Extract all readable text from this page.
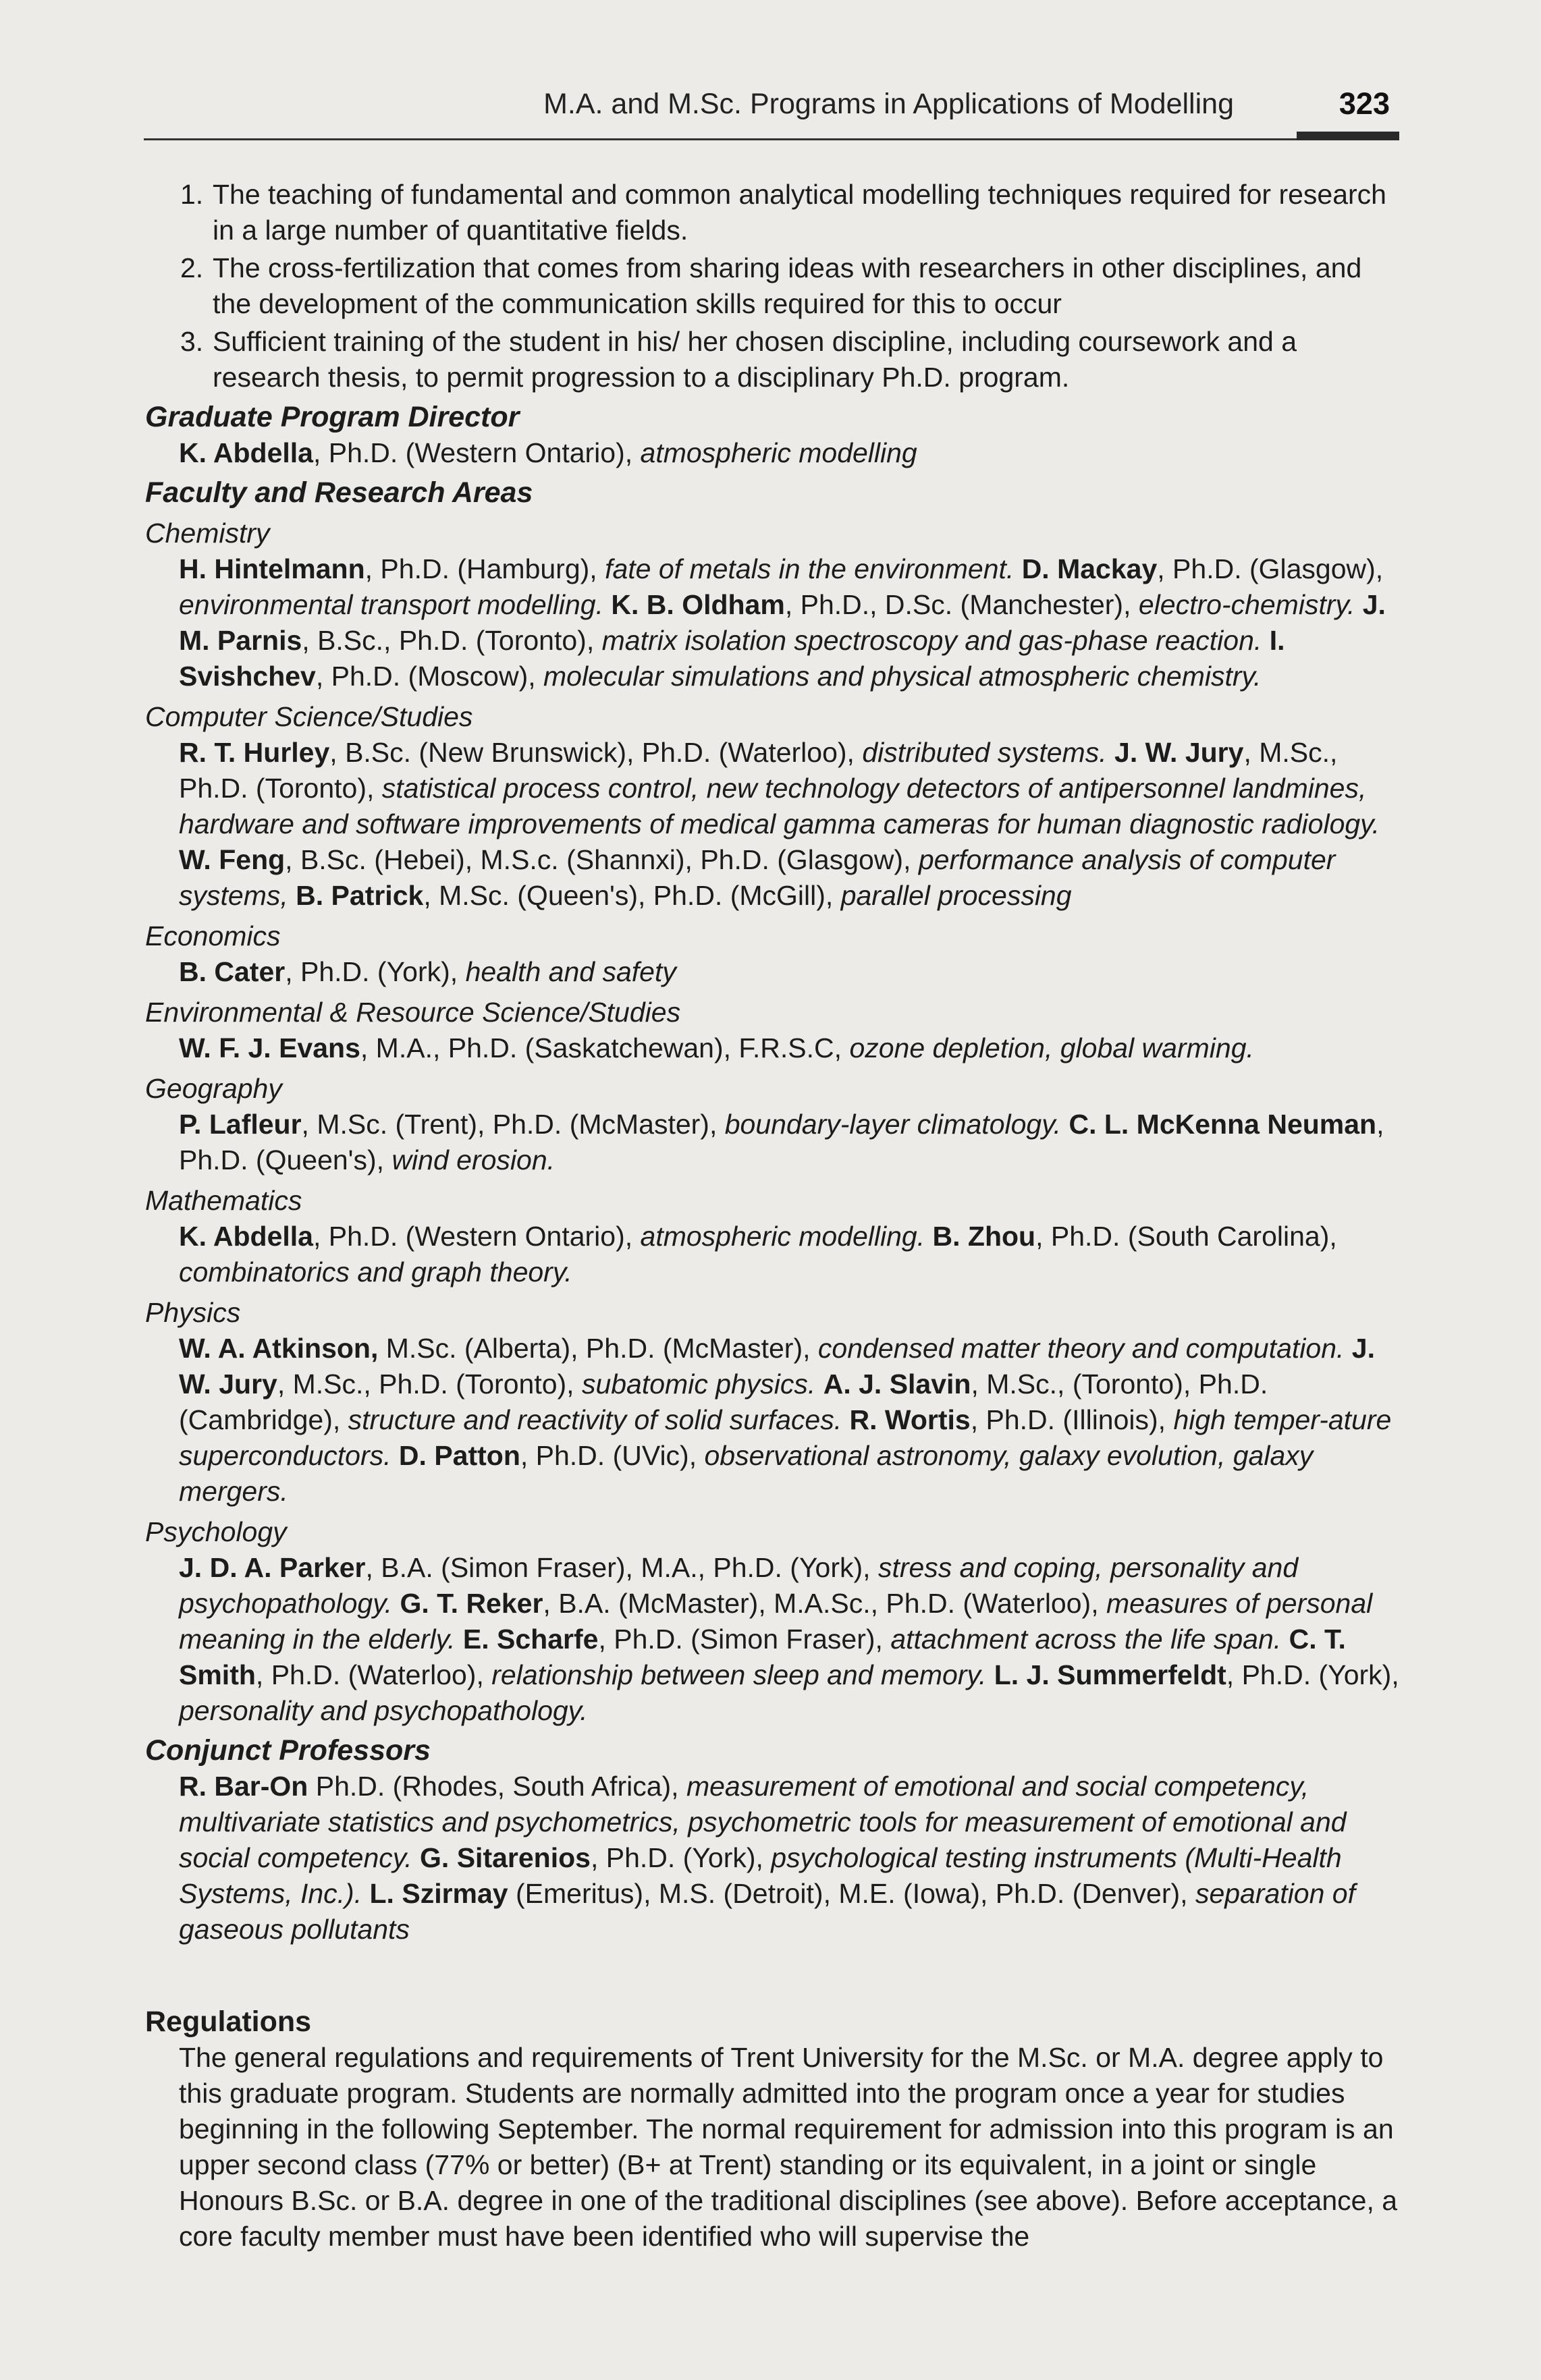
M.A. and M.Sc. Programs in Applications of Modelling	323
1. The teaching of fundamental and common analytical modelling techniques required for research in a large number of quantitative fields.
2. The cross-fertilization that comes from sharing ideas with researchers in other disciplines, and the development of the communication skills required for this to occur
3. Sufficient training of the student in his/ her chosen discipline, including coursework and a research thesis, to permit progression to a disciplinary Ph.D. program.
Graduate Program Director
K. Abdella, Ph.D. (Western Ontario), atmospheric modelling
Faculty and Research Areas
Chemistry
H. Hintelmann, Ph.D. (Hamburg), fate of metals in the environment. D. Mackay, Ph.D. (Glasgow), environmental transport modelling. K. B. Oldham, Ph.D., D.Sc. (Manchester), electro-chemistry. J. M. Parnis, B.Sc., Ph.D. (Toronto), matrix isolation spectroscopy and gas-phase reaction. I. Svishchev, Ph.D. (Moscow), molecular simulations and physical atmospheric chemistry.
Computer Science/Studies
R. T. Hurley, B.Sc. (New Brunswick), Ph.D. (Waterloo), distributed systems. J. W. Jury, M.Sc., Ph.D. (Toronto), statistical process control, new technology detectors of antipersonnel landmines, hardware and software improvements of medical gamma cameras for human diagnostic radiology. W. Feng, B.Sc. (Hebei), M.S.c. (Shannxi), Ph.D. (Glasgow), performance analysis of computer systems, B. Patrick, M.Sc. (Queen's), Ph.D. (McGill), parallel processing
Economics
B. Cater, Ph.D. (York), health and safety
Environmental & Resource Science/Studies
W. F. J. Evans, M.A., Ph.D. (Saskatchewan), F.R.S.C, ozone depletion, global warming.
Geography
P. Lafleur, M.Sc. (Trent), Ph.D. (McMaster), boundary-layer climatology. C. L. McKenna Neuman, Ph.D. (Queen's), wind erosion.
Mathematics
K. Abdella, Ph.D. (Western Ontario), atmospheric modelling. B. Zhou, Ph.D. (South Carolina), combinatorics and graph theory.
Physics
W. A. Atkinson, M.Sc. (Alberta), Ph.D. (McMaster), condensed matter theory and computation. J. W. Jury, M.Sc., Ph.D. (Toronto), subatomic physics. A. J. Slavin, M.Sc., (Toronto), Ph.D. (Cambridge), structure and reactivity of solid surfaces. R. Wortis, Ph.D. (Illinois), high temper-ature superconductors. D. Patton, Ph.D. (UVic), observational astronomy, galaxy evolution, galaxy mergers.
Psychology
J. D. A. Parker, B.A. (Simon Fraser), M.A., Ph.D. (York), stress and coping, personality and psychopathology. G. T. Reker, B.A. (McMaster), M.A.Sc., Ph.D. (Waterloo), measures of personal meaning in the elderly. E. Scharfe, Ph.D. (Simon Fraser), attachment across the life span. C. T. Smith, Ph.D. (Waterloo), relationship between sleep and memory. L. J. Summerfeldt, Ph.D. (York), personality and psychopathology.
Conjunct Professors
R. Bar-On Ph.D. (Rhodes, South Africa), measurement of emotional and social competency, multivariate statistics and psychometrics, psychometric tools for measurement of emotional and social competency. G. Sitarenios, Ph.D. (York), psychological testing instruments (Multi-Health Systems, Inc.). L. Szirmay (Emeritus), M.S. (Detroit), M.E. (Iowa), Ph.D. (Denver), separation of gaseous pollutants
Regulations
The general regulations and requirements of Trent University for the M.Sc. or M.A. degree apply to this graduate program. Students are normally admitted into the program once a year for studies beginning in the following September. The normal requirement for admission into this program is an upper second class (77% or better) (B+ at Trent) standing or its equivalent, in a joint or single Honours B.Sc. or B.A. degree in one of the traditional disciplines (see above). Before acceptance, a core faculty member must have been identified who will supervise the
